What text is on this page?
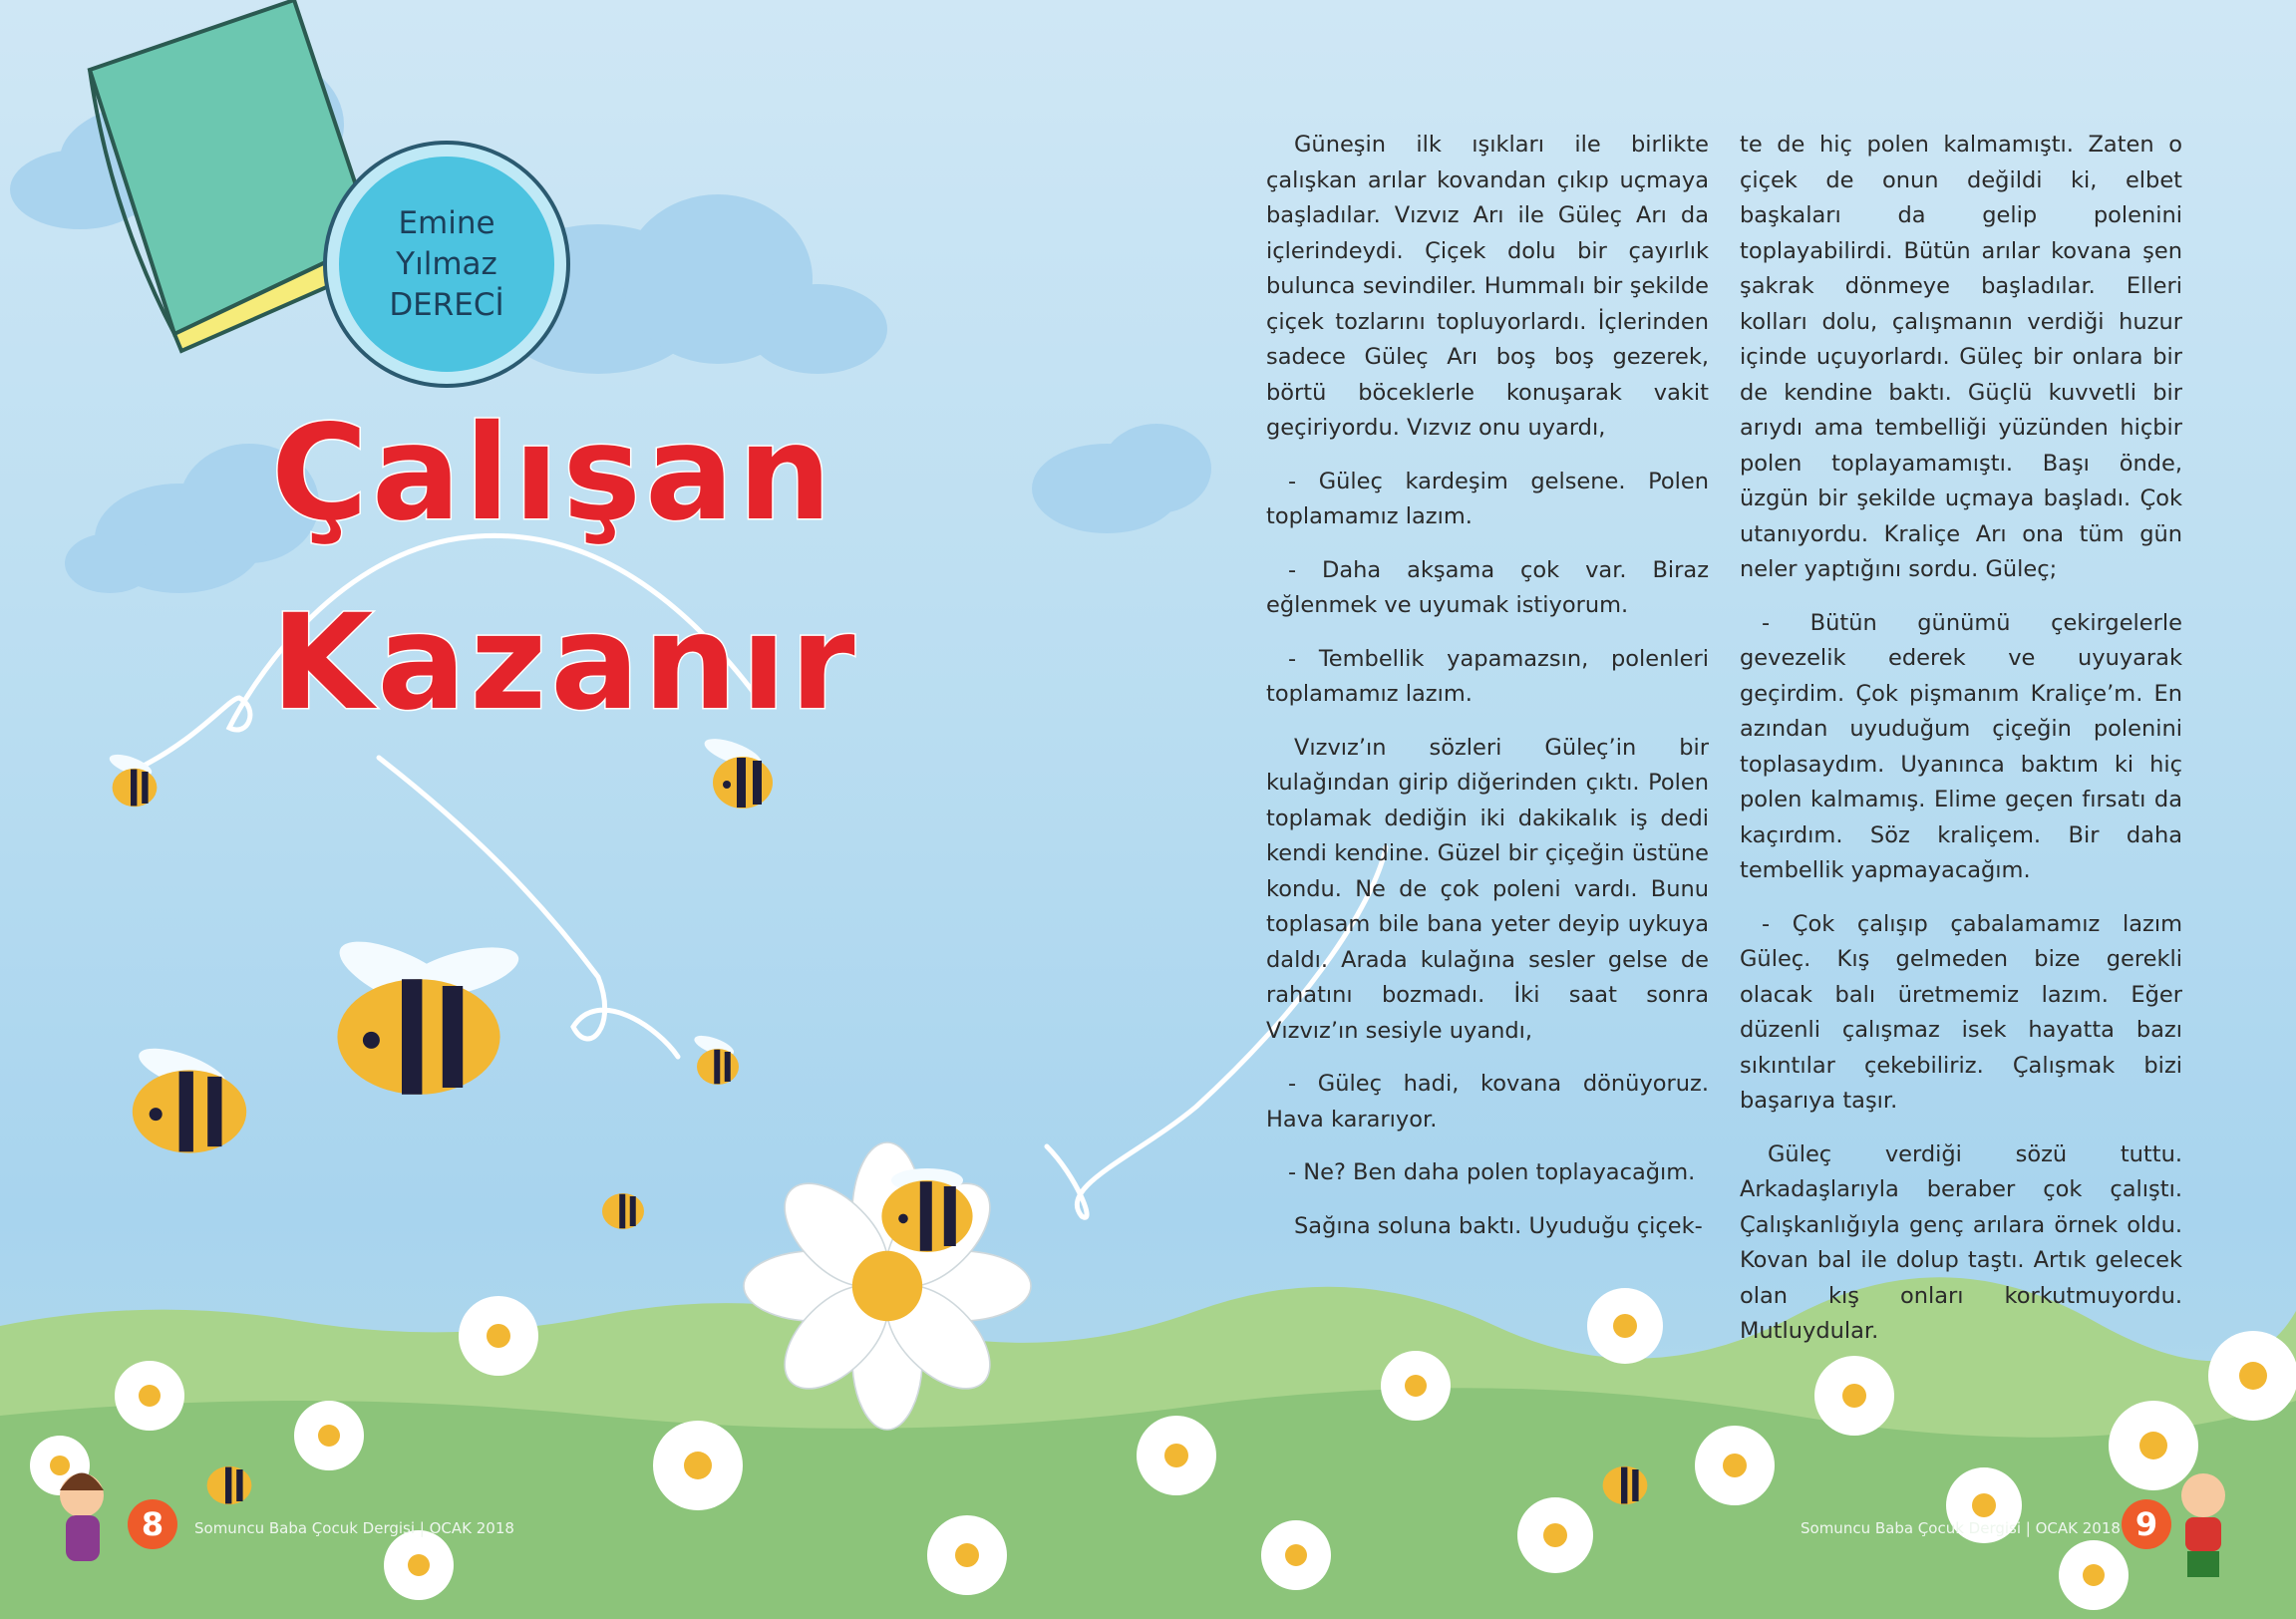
Emine
Yılmaz
DERECİ
Çalışan
Kazanır

Güneşin ilk ışıkları ile birlikte çalışkan arılar kovandan çıkıp uçmaya başladılar. Vızvız Arı ile Güleç Arı da içlerindeydi. Çiçek dolu bir çayırlık bulunca sevindiler. Hummalı bir şekilde çiçek tozlarını topluyorlardı. İçlerinden sadece Güleç Arı boş boş gezerek, börtü böceklerle konuşarak vakit geçiriyordu. Vızvız onu uyardı,

- Güleç kardeşim gelsene. Polen toplamamız lazım.

- Daha akşama çok var. Biraz eğlenmek ve uyumak istiyorum.

- Tembellik yapamazsın, polenleri toplamamız lazım.

Vızvız’ın sözleri Güleç’in bir kulağından girip diğerinden çıktı. Polen toplamak dediğin iki dakikalık iş dedi kendi kendine. Güzel bir çiçeğin üstüne kondu. Ne de çok poleni vardı. Bunu toplasam bile bana yeter deyip uykuya daldı. Arada kulağına sesler gelse de rahatını bozmadı. İki saat sonra Vızvız’ın sesiyle uyandı,

- Güleç hadi, kovana dönüyoruz. Hava kararıyor.

- Ne? Ben daha polen toplayacağım.

Sağına soluna baktı. Uyuduğu çiçek-

te de hiç polen kalmamıştı. Zaten o çiçek de onun değildi ki, elbet başkaları da gelip polenini toplayabilirdi. Bütün arılar kovana şen şakrak dönmeye başladılar. Elleri kolları dolu, çalışmanın verdiği huzur içinde uçuyorlardı. Güleç bir onlara bir de kendine baktı. Güçlü kuvvetli bir arıydı ama tembelliği yüzünden hiçbir polen toplayamamıştı. Başı önde, üzgün bir şekilde uçmaya başladı. Çok utanıyordu. Kraliçe Arı ona tüm gün neler yaptığını sordu. Güleç;

- Bütün günümü çekirgelerle gevezelik ederek ve uyuyarak geçirdim. Çok pişmanım Kraliçe’m. En azından uyuduğum çiçeğin polenini toplasaydım. Uyanınca baktım ki hiç polen kalmamış. Elime geçen fırsatı da kaçırdım. Söz kraliçem. Bir daha tembellik yapmayacağım.

- Çok çalışıp çabalamamız lazım Güleç. Kış gelmeden bize gerekli olacak balı üretmemiz lazım. Eğer düzenli çalışmaz isek hayatta bazı sıkıntılar çekebiliriz. Çalışmak bizi başarıya taşır.

Güleç verdiği sözü tuttu. Arkadaşlarıyla beraber çok çalıştı. Çalışkanlığıyla genç arılara örnek oldu. Kovan bal ile dolup taştı. Artık gelecek olan kış onları korkutmuyordu. Mutluydular.

8	Somuncu Baba Çocuk Dergisi | OCAK 2018	Somuncu Baba Çocuk Dergisi | OCAK 2018 9
